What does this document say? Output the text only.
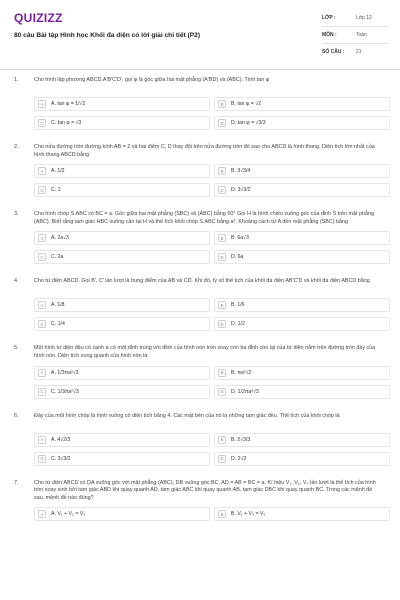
QUIZIZZ
80 câu Bài tập Hình học Khối đa diện có lời giải chi tiết (P2)
LỚP :	Lớp 12
MÔN :	Toán
SỐ CÂU :	21
1.	Cho hình lập phương ABCD.A'B'C'D', gọi φ là góc giữa hai mặt phẳng (A'BD) và (ABC). Tính tan φ
A	A. tan φ = 1/√2	B	B. tan φ = √2
C	C. tan φ = √3	D	D. tan φ = √3/3
2.	Cho nửa đường tròn đường kính AB = 2 và hai điểm C, D thay đổi trên nửa đường tròn đó sao cho ABCD là hình thang. Diện tích lớn nhất của hình thang ABCD bằng
A	A. 1/2	B	B. 3√3/4
C	C. 1	D	D. 3√3/2
3.	Cho hình chóp S.ABC có BC = a. Góc giữa hai mặt phẳng (SBC) và (ABC) bằng 60° Gọi H là hình chiếu vuông góc của đỉnh S trên mặt phẳng (ABC). Biết rằng tam giác HBC vuông cân tại H và thể tích khối chóp S.ABC bằng a³. Khoảng cách từ A đến mặt phẳng (SBC) bằng
A	A. 2a√3	B	B. 6a√3
C	C. 2a	D	D. 6a
4.	Cho tứ diện ABCD. Gọi B', C' lần lượt là trung điểm của AB và CD. Khi đó, tỷ số thể tích của khối đa diện AB'C'D và khối đa diện ABCD bằng
A	A. 1/8	B	B. 1/6
C	C. 1/4	D	D. 1/2
5.	Một hình tứ diện đều có cạnh a có một đỉnh trùng với đỉnh của hình nón tròn xoay còn ba đỉnh còn lại của tứ diện nằm trên đường tròn đáy của hình nón. Diện tích xung quanh của hình nón là:
A	A. 1/3πa²√3	B	B. πa²√2
C	C. 1/3πa²√3	D	D. 1/2πa²√3
6.	Đáy của một hình chóp là hình vuông có diện tích bằng 4. Các mặt bên của nó là những tam giác đều. Thể tích của khối chóp là
A	A. 4√2/3	B	B. 2√3/3
C	C. 3√3/2	D	D. 2√2
7.	Cho tứ diện ABCD có DA vuông góc với mặt phẳng (ABC), DB vuông góc BC, AD = AB = BC = a. Kí hiệu V₁, V₂, V₃ lần lượt là thể tích của hình tròn xoay sinh bởi tam giác ABD khi quay quanh AD, tam giác ABC khi quay quanh AB, tam giác DBC khi quay quanh BC. Trong các mệnh đề sau, mệnh đề nào đúng?
A	A. V₁ + V₂ = V₃	B	B. V₁ + V₃ = V₂
